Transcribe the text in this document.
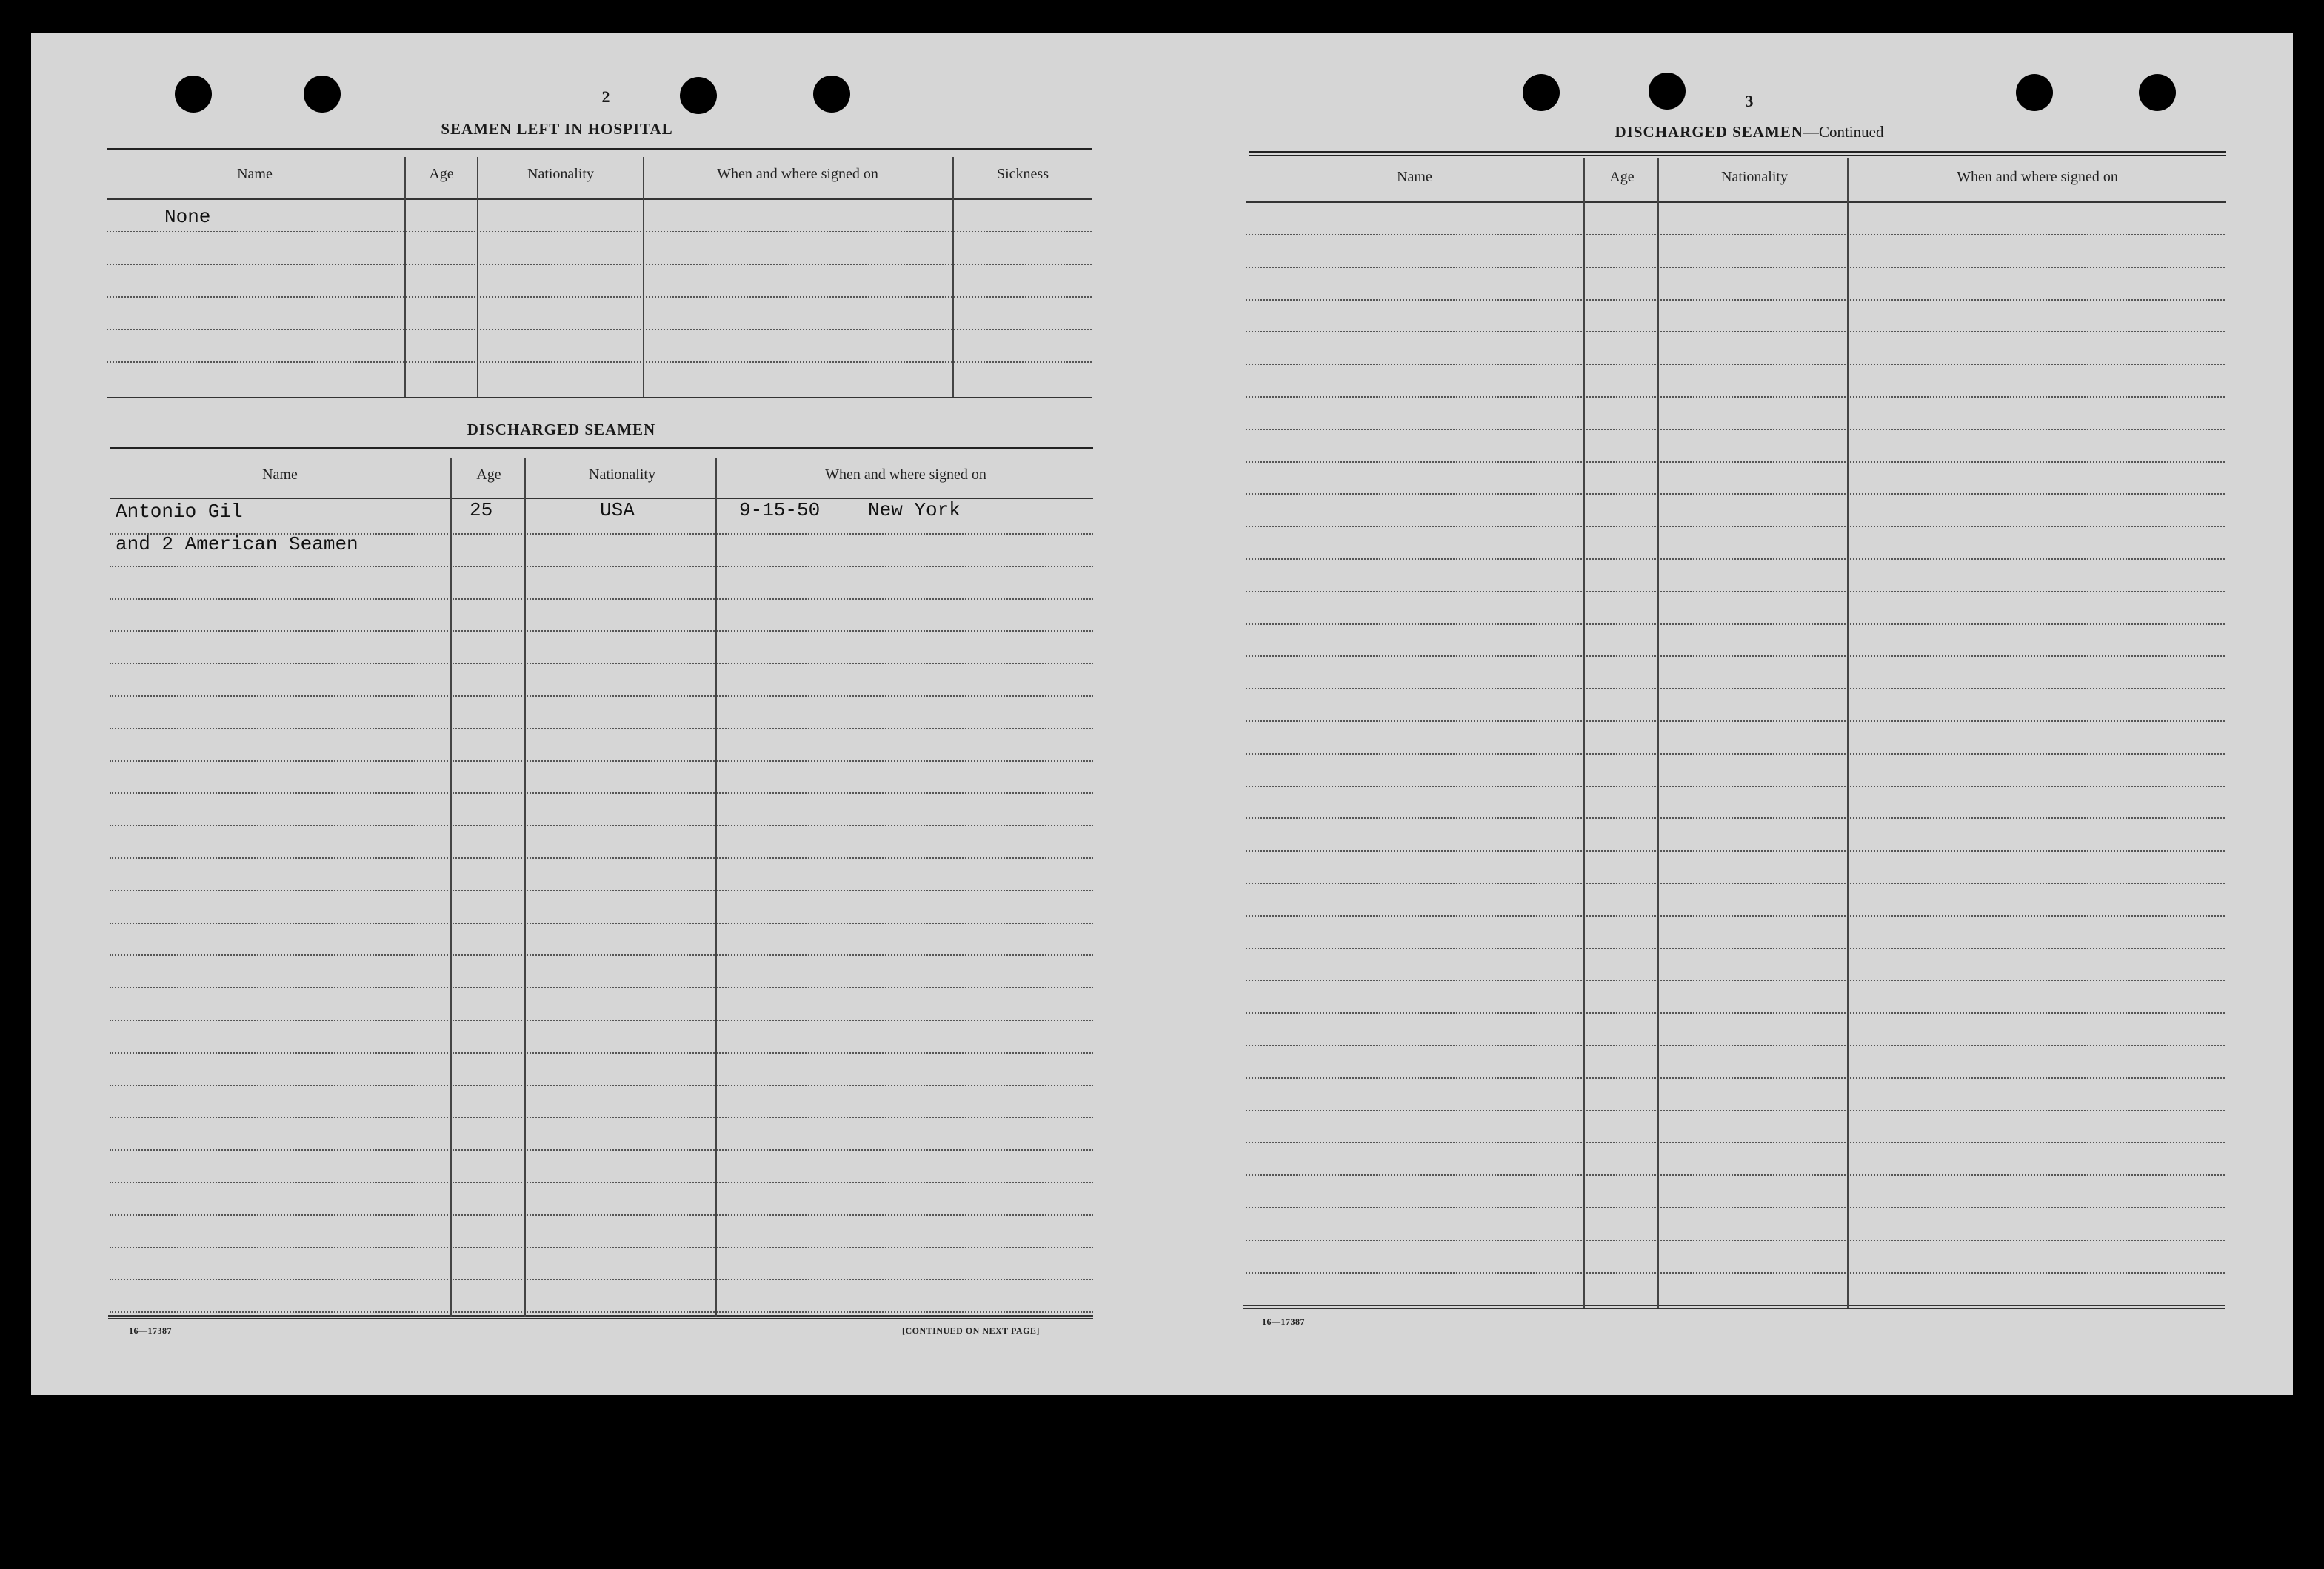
2
SEAMEN LEFT IN HOSPITAL
Name	Age	Nationality	When and where signed on	Sickness
None
DISCHARGED SEAMEN
Name	Age	Nationality	When and where signed on
Antonio Gil	25	USA	9-15-50 New York
and 2 American Seamen
16—17387	[CONTINUED ON NEXT PAGE]
3
DISCHARGED SEAMEN—Continued
Name	Age	Nationality	When and where signed on
16—17387
